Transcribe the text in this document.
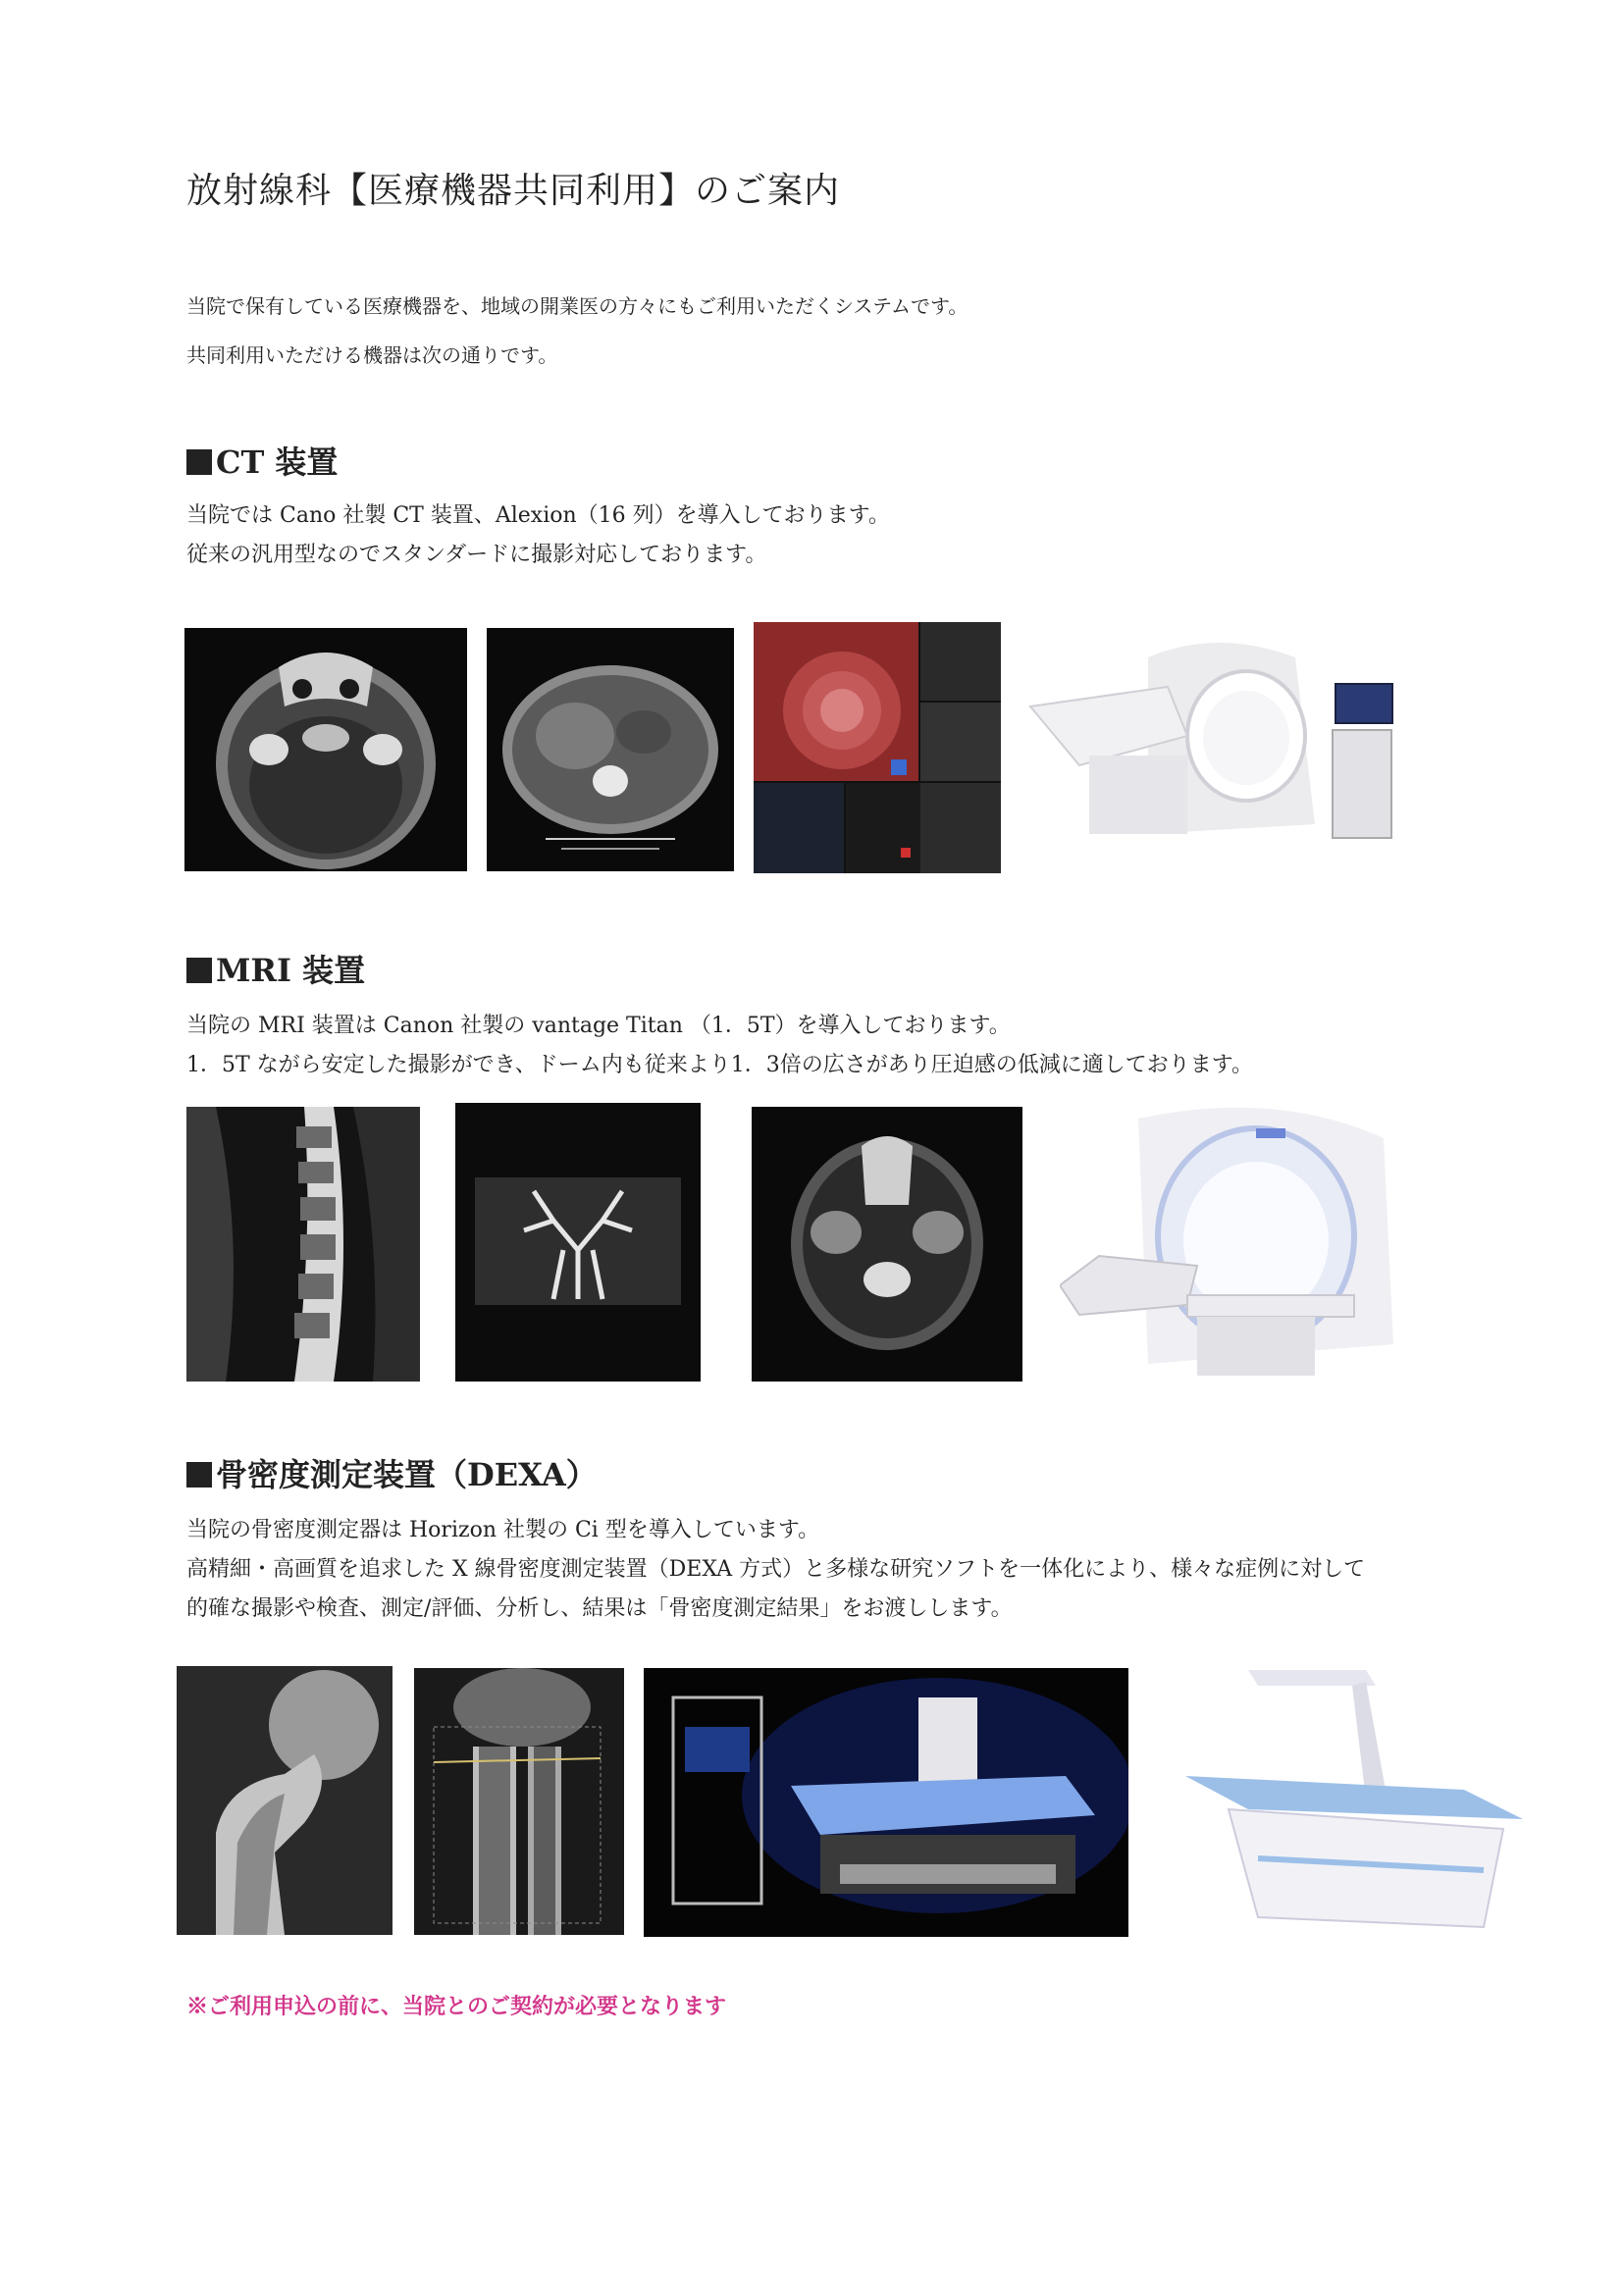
放射線科【医療機器共同利用】のご案内
当院で保有している医療機器を、地域の開業医の方々にもご利用いただくシステムです。
共同利用いただける機器は次の通りです。
CT 装置
当院では Cano 社製 CT 装置、Alexion（16 列）を導入しております。
従来の汎用型なのでスタンダードに撮影対応しております。
MRI 装置
当院の MRI 装置は Canon 社製の vantage Titan （1．5T）を導入しております。
1．5T ながら安定した撮影ができ、ドーム内も従来より1．3倍の広さがあり圧迫感の低減に適しております。
骨密度測定装置（DEXA）
当院の骨密度測定器は Horizon 社製の Ci 型を導入しています。
高精細・高画質を追求した X 線骨密度測定装置（DEXA 方式）と多様な研究ソフトを一体化により、様々な症例に対して
的確な撮影や検査、測定/評価、分析し、結果は「骨密度測定結果」をお渡しします。
※ご利用申込の前に、当院とのご契約が必要となります
